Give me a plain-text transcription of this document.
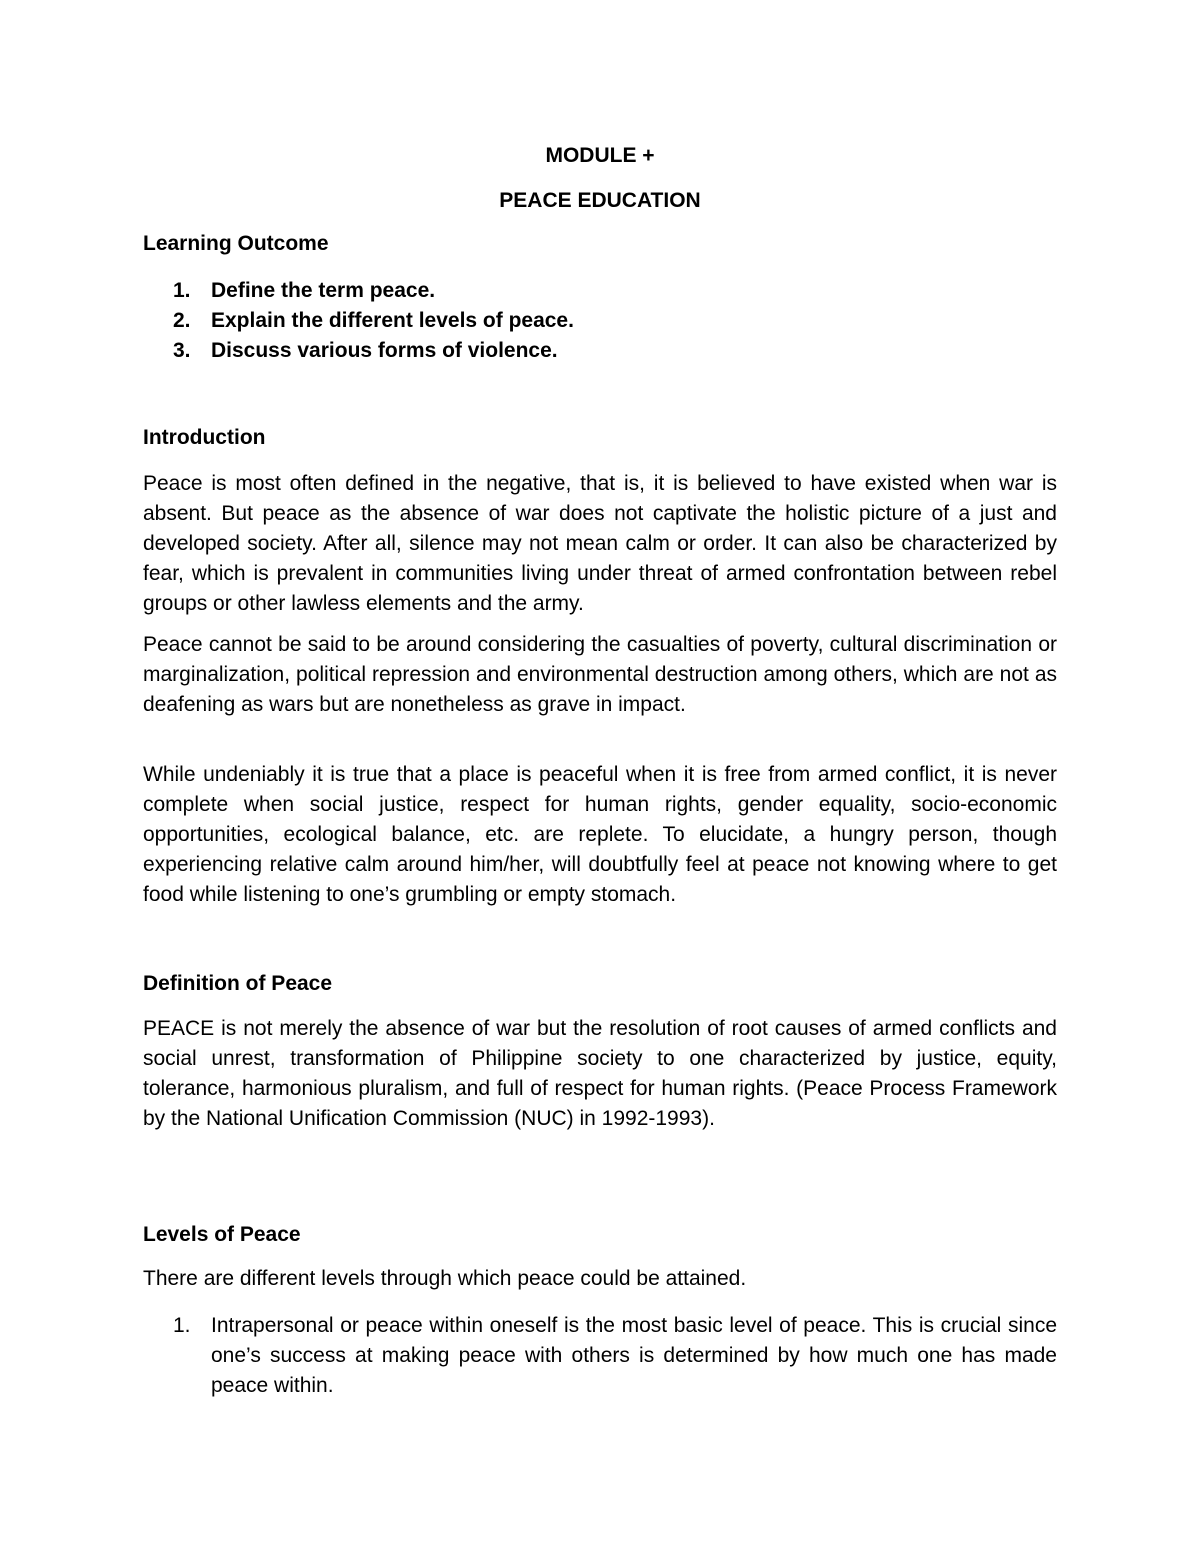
MODULE +
PEACE EDUCATION
Learning Outcome
1. Define the term peace.
2. Explain the different levels of peace.
3. Discuss various forms of violence.
Introduction

Peace is most often defined in the negative, that is, it is believed to have existed when war is absent. But peace as the absence of war does not captivate the holistic picture of a just and developed society. After all, silence may not mean calm or order. It can also be characterized by fear, which is prevalent in communities living under threat of armed confrontation between rebel groups or other lawless elements and the army.

Peace cannot be said to be around considering the casualties of poverty, cultural discrimination or marginalization, political repression and environmental destruction among others, which are not as deafening as wars but are nonetheless as grave in impact.

While undeniably it is true that a place is peaceful when it is free from armed conflict, it is never complete when social justice, respect for human rights, gender equality, socio-economic opportunities, ecological balance, etc. are replete. To elucidate, a hungry person, though experiencing relative calm around him/her, will doubtfully feel at peace not knowing where to get food while listening to one’s grumbling or empty stomach.

Definition of Peace

PEACE is not merely the absence of war but the resolution of root causes of armed conflicts and social unrest, transformation of Philippine society to one characterized by justice, equity, tolerance, harmonious pluralism, and full of respect for human rights. (Peace Process Framework by the National Unification Commission (NUC) in 1992-1993).

Levels of Peace

There are different levels through which peace could be attained.

1. Intrapersonal or peace within oneself is the most basic level of peace. This is crucial since one’s success at making peace with others is determined by how much one has made peace within.
